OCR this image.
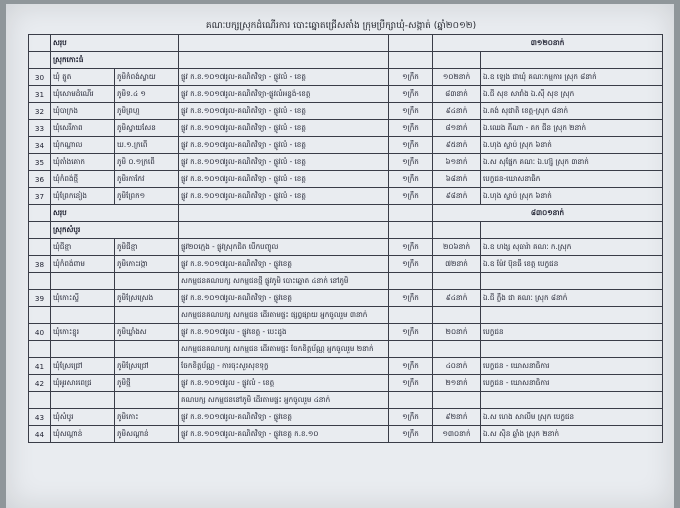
គណៈបក្សស្រុកដំណើរការ បោះឆ្នោតជ្រើសតាំង ក្រុមប្រឹក្សាឃុំ-សង្កាត់ (ឆ្នាំ២០១២)
	សរុប				៣១២០នាក់	
	ស្រុកកោះធំ					
30	ឃុំ ត្នូត	ភូមិកំពង់ស្វាយ	ផ្លូវ ក.ខ.១០១៧រូល-គណិតវិទ្យា - ផ្លូវលំ - ខេត្ត	១ក្រឹក	១០២នាក់	ឯ.ឧ ឡេង ជាឃុំ គណៈកម្មការ ស្រុក ៨នាក់
31	ឃុំសោមដំណើរ	ភូមិទ.៤ ១	ផ្លូវ ក.ខ.១០១៧រូល-គណិតវិទ្យា-ផ្លូវលំអន្ទង់-ខេត្ត	១ក្រឹក	៨៣នាក់	ឯ.ជី សុខ សារាំង ឯ.ស៊ី សុខ ស្រុក
32	ឃុំបាក្រង	ភូមិព្រហ្ម	ផ្លូវ ក.ខ.១០១៧រូល-គណិតវិទ្យា - ផ្លូវលំ - ខេត្ត	១ក្រឹក	៩៤នាក់	ឯ.គង់ សុជាតិ ខេត្ត-ស្រុក ៨នាក់
33	ឃុំសេរីភាព	ភូមិស្វាយសែន	ផ្លូវ ក.ខ.១០១៧រូល-គណិតវិទ្យា - ផ្លូវលំ - ខេត្ត	១ក្រឹក	៨១នាក់	ឯ.ឈេង គីណា - គក ជីន ស្រុក ២នាក់
34	ឃុំកណ្តាល	ឃ.១.ក្រពើ	ផ្លូវ ក.ខ.១០១៧រូល-គណិតវិទ្យា - ផ្លូវលំ - ខេត្ត	១ក្រឹក	៩៥នាក់	ឯ.ហុង ស្លាប់ ស្រុក ៦នាក់
35	ឃុំតាំងគោក	ភូមិ ០.១ក្រពើ	ផ្លូវ ក.ខ.១០១៧រូល-គណិតវិទ្យា - ផ្លូវលំ - ខេត្ត	១ក្រឹក	៦១នាក់	ឯ.ស សុផ្នែក គណៈ ឯ.ហ្ស៊ុ ស្រុក ៣នាក់
36	ឃុំកំពង់ថ្មី	ភូមិរកាកែវ	ផ្លូវ ក.ខ.១០១៧រូល-គណិតវិទ្យា - ផ្លូវលំ - ខេត្ត	១ក្រឹក	៦៨នាក់	បេក្ខជន-ឃោសនាធិក
37	ឃុំព្រែកនៀង	ភូមិព្រែក១	ផ្លូវ ក.ខ.១០១៧រូល-គណិតវិទ្យា - ផ្លូវលំ - ខេត្ត	១ក្រឹក	៩៨នាក់	ឯ.ហុង ស្លាប់ ស្រុក ៦នាក់
	សរុប				៨៣០១នាក់	
	ស្រុកសំបូរ					
	ឃុំជីខ្មា	ភូមិជីខ្មា	ផ្លូវ២០ក្មេង - ផ្លូវស្រុកជិត បើកបញ្ចូល	១ក្រឹក	២០៦នាក់	ឯ.ឧ ហង្ស សុធារ៉ា គណៈ ក.ស្រុក
38	ឃុំកំពង់ពាម	ភូមិកោះរង្កា	ផ្លូវ ក.ខ.១០១៧រូល-គណិតវិទ្យា - ផ្លូវខេត្ត	១ក្រឹក	៧២នាក់	ឯ.ឧ ម៉ែវ ប៊ុនធី ខេត្ត បេក្ខជន
			សកម្មជនគណបក្ស សកម្មជនថ្មី ផ្លូវភូមិ បោះឆ្នោត ៤នាក់ នៅភូមិ			
39	ឃុំកោះស្ទី	ភូមិស្រែស្រេង	ផ្លូវ ក.ខ.១០១៧រូល-គណិតវិទ្យា - ផ្លូវខេត្ត	១ក្រឹក	៩៤នាក់	ឯ.ជី ភ្លឹង ជា គណៈ ស្រុក ៨នាក់
			សកម្មជនគណបក្ស សកម្មជន ដើរតាមផ្ទះ ផ្សព្វផ្សាយ អ្នកចូលរួម ៣នាក់			
40	ឃុំកោះខ្នុរ	ភូមិឃ្លាំងស	ផ្លូវ ក.ខ.១០១៧រូល - ផ្លូវខេត្ត - បេះដូង	១ក្រឹក	២០នាក់	បេក្ខជន
			សកម្មជនគណបក្ស សកម្មជន ដើរតាមផ្ទះ ចែកខិត្តប័ណ្ណ អ្នកចូលរួម ២នាក់			
41	ឃុំស្រែជ្រៅ	ភូមិស្រែជ្រៅ	ចែកខិត្តប័ណ្ណ - ការចុះសួរសុខទុក្ខ	១ក្រឹក	៤០នាក់	បេក្ខជន - ឃោសនាធិការ
42	ឃុំអូរសារពេជ្រ	ភូមិថ្មី	ផ្លូវ ក.ខ.១០១៧រូល - ផ្លូវលំ - ខេត្ត	១ក្រឹក	២១នាក់	បេក្ខជន - ឃោសនាធិការ
			គណបក្ស សកម្មជននៅភូមិ ដើរតាមផ្ទះ អ្នកចូលរួម ៤នាក់			
43	ឃុំសំបូរ	ភូមិកោះ	ផ្លូវ ក.ខ.១០១៧រូល-គណិតវិទ្យា - ផ្លូវខេត្ត	១ក្រឹក	៩២នាក់	ឯ.ស ហេង សាលីម ស្រុក បេក្ខជន
44	ឃុំសណ្តាន់	ភូមិសណ្តាន់	ផ្លូវ ក.ខ.១០១៧រូល-គណិតវិទ្យា - ផ្លូវខេត្ត ក.ខ.១០	១ក្រឹក	១៣០នាក់	ឯ.ស ស៊ិន ឆ្លាំង ស្រុក ២នាក់
